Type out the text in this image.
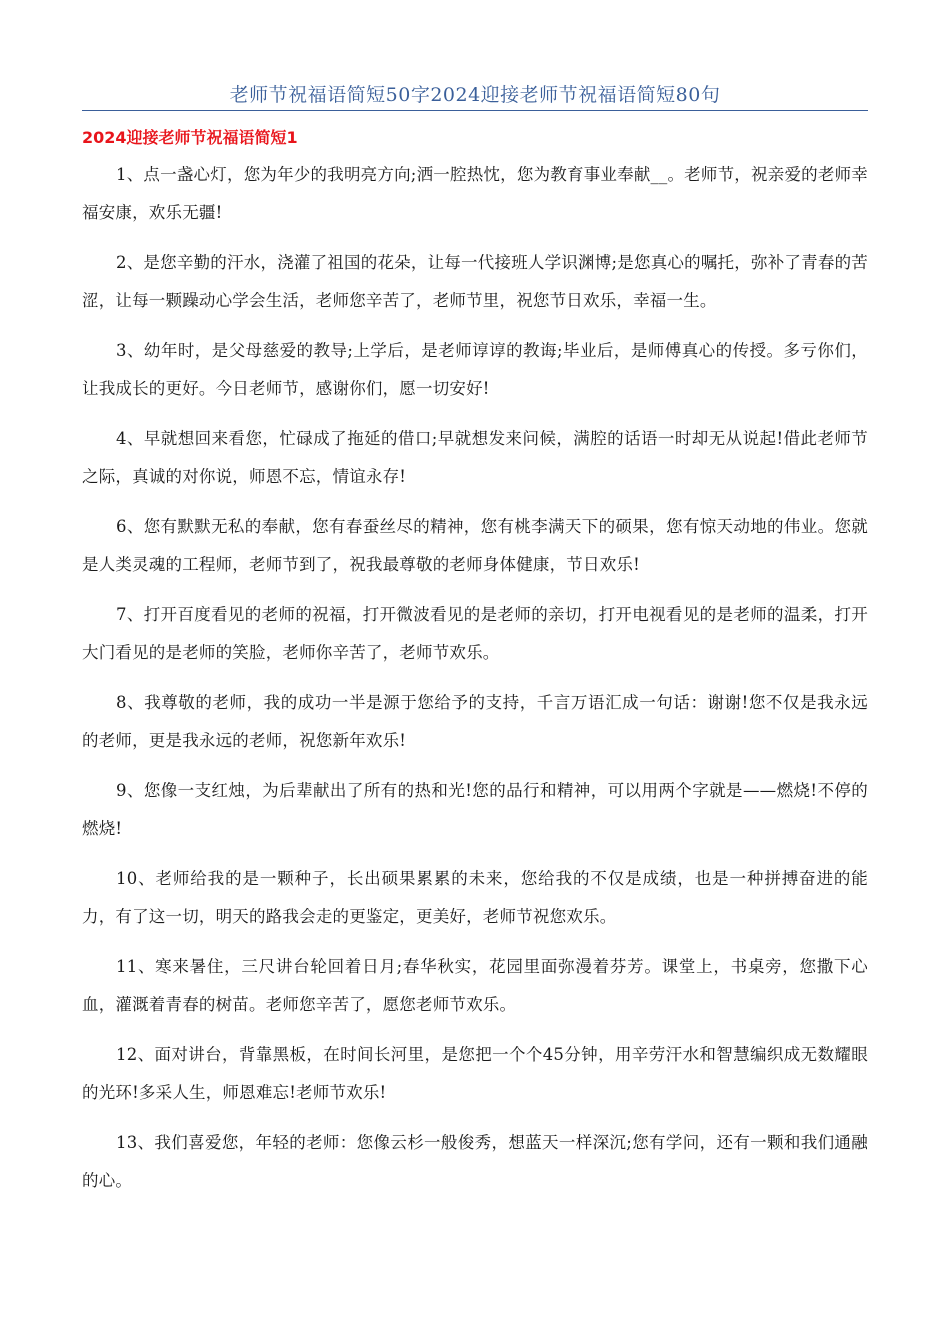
老师节祝福语简短50字2024迎接老师节祝福语简短80句
2024迎接老师节祝福语简短1
1、点一盏心灯，您为年少的我明亮方向;洒一腔热忱，您为教育事业奉献__。老师节，祝亲爱的老师幸福安康，欢乐无疆!
2、是您辛勤的汗水，浇灌了祖国的花朵，让每一代接班人学识渊博;是您真心的嘱托，弥补了青春的苦涩，让每一颗躁动心学会生活，老师您辛苦了，老师节里，祝您节日欢乐，幸福一生。
3、幼年时，是父母慈爱的教导;上学后，是老师谆谆的教诲;毕业后，是师傅真心的传授。多亏你们，让我成长的更好。今日老师节，感谢你们，愿一切安好!
4、早就想回来看您，忙碌成了拖延的借口;早就想发来问候，满腔的话语一时却无从说起!借此老师节之际，真诚的对你说，师恩不忘，情谊永存!
6、您有默默无私的奉献，您有春蚕丝尽的精神，您有桃李满天下的硕果，您有惊天动地的伟业。您就是人类灵魂的工程师，老师节到了，祝我最尊敬的老师身体健康，节日欢乐!
7、打开百度看见的老师的祝福，打开微波看见的是老师的亲切，打开电视看见的是老师的温柔，打开大门看见的是老师的笑脸，老师你辛苦了，老师节欢乐。
8、我尊敬的老师，我的成功一半是源于您给予的支持，千言万语汇成一句话：谢谢!您不仅是我永远的老师，更是我永远的老师，祝您新年欢乐!
9、您像一支红烛，为后辈献出了所有的热和光!您的品行和精神，可以用两个字就是——燃烧!不停的燃烧!
10、老师给我的是一颗种子，长出硕果累累的未来，您给我的不仅是成绩，也是一种拼搏奋进的能力，有了这一切，明天的路我会走的更鉴定，更美好，老师节祝您欢乐。
11、寒来暑住，三尺讲台轮回着日月;春华秋实，花园里面弥漫着芬芳。课堂上，书桌旁，您撒下心血，灌溉着青春的树苗。老师您辛苦了，愿您老师节欢乐。
12、面对讲台，背靠黑板，在时间长河里，是您把一个个45分钟，用辛劳汗水和智慧编织成无数耀眼的光环!多采人生，师恩难忘!老师节欢乐!
13、我们喜爱您，年轻的老师：您像云杉一般俊秀，想蓝天一样深沉;您有学问，还有一颗和我们通融的心。
